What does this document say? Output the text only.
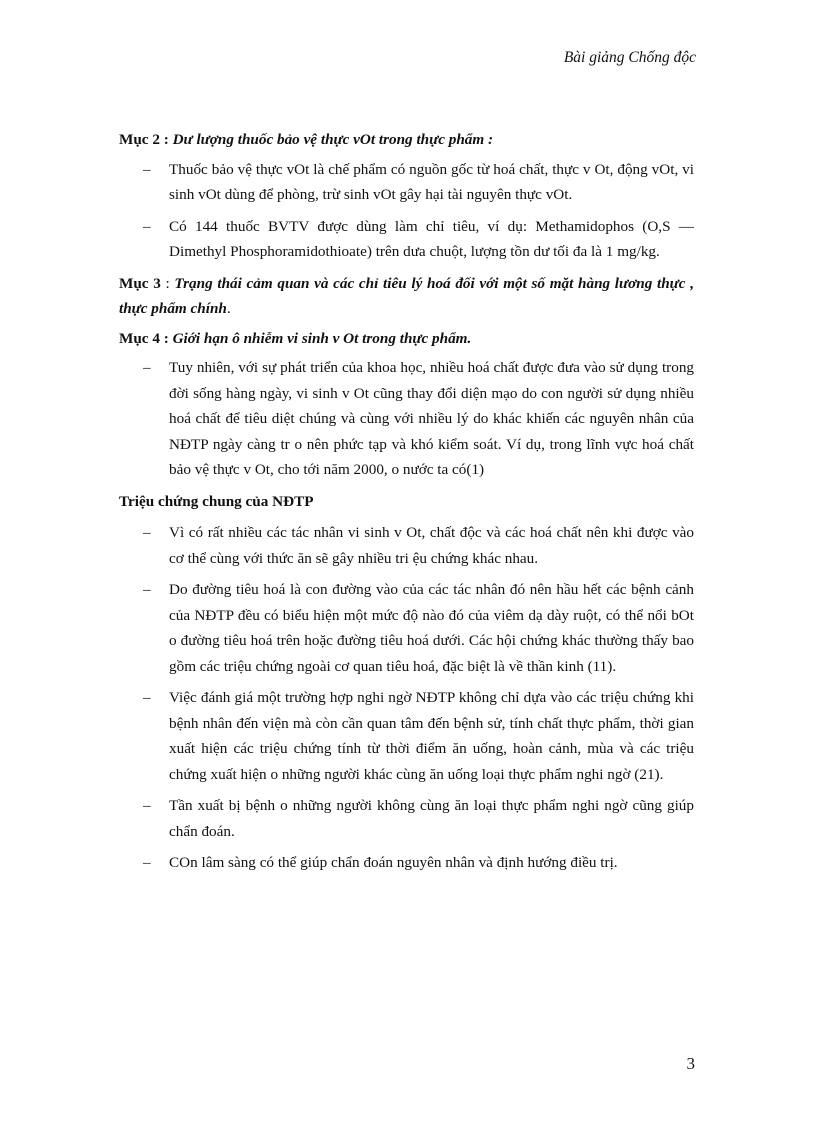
Bài giảng Chống độc
Mục 2 : Dư lượng thuốc bảo vệ thực vOt trong thực phẩm :
– Thuốc bảo vệ thực vOt là chế phẩm có nguồn gốc từ hoá chất, thực v Ot, động vOt, vi sinh vOt dùng để phòng, trừ sinh vOt gây hại tài nguyên thực vOt.
– Có 144 thuốc BVTV được dùng làm chỉ tiêu, ví dụ: Methamidophos (O,S — Dimethyl Phosphoramidothioate) trên dưa chuột, lượng tồn dư tối đa là 1 mg/kg.
Mục 3 : Trạng thái cảm quan và các chỉ tiêu lý hoá đối với một số mặt hàng lương thực , thực phẩm chính.
Mục 4 : Giới hạn ô nhiễm vi sinh v Ot trong thực phẩm.
– Tuy nhiên, với sự phát triển của khoa học, nhiều hoá chất được đưa vào sử dụng trong đời sống hàng ngày, vi sinh v Ot cũng thay đổi diện mạo do con người sử dụng nhiều hoá chất để tiêu diệt chúng và cùng với nhiều lý do khác khiến các nguyên nhân của NĐTP ngày càng tr o nên phức tạp và khó kiểm soát. Ví dụ, trong lĩnh vực hoá chất bảo vệ thực v Ot, cho tới năm 2000, o nước ta có(1)
Triệu chứng chung của NĐTP
– Vì có rất nhiều các tác nhân vi sinh v Ot, chất độc và các hoá chất nên khi được vào cơ thể cùng với thức ăn sẽ gây nhiều tri ệu chứng khác nhau.
– Do đường tiêu hoá là con đường vào của các tác nhân đó nên hầu hết các bệnh cảnh của NĐTP đều có biểu hiện một mức độ nào đó của viêm dạ dày ruột, có thể nổi bOt o đường tiêu hoá trên hoặc đường tiêu hoá dưới. Các hội chứng khác thường thấy bao gồm các triệu chứng ngoài cơ quan tiêu hoá, đặc biệt là về thần kinh (11).
– Việc đánh giá một trường hợp nghi ngờ NĐTP không chỉ dựa vào các triệu chứng khi bệnh nhân đến viện mà còn cần quan tâm đến bệnh sử, tính chất thực phẩm, thời gian xuất hiện các triệu chứng tính từ thời điểm ăn uống, hoàn cảnh, mùa và các triệu chứng xuất hiện o những người khác cùng ăn uống loại thực phẩm nghi ngờ (21).
– Tần xuất bị bệnh o những người không cùng ăn loại thực phẩm nghi ngờ cũng giúp chẩn đoán.
– COn lâm sàng có thể giúp chẩn đoán nguyên nhân và định hướng điều trị.
3
